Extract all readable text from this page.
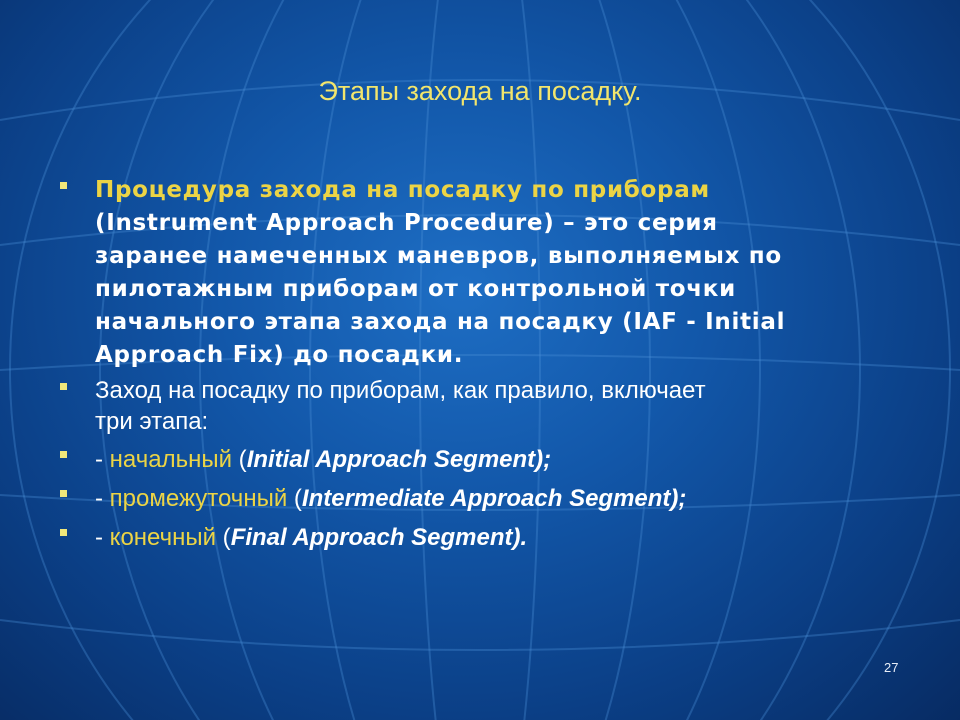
Этапы захода на посадку.
Процедура захода на посадку по приборам
(Instrument Approach Procedure) – это серия
заранее намеченных маневров, выполняемых по
пилотажным приборам от контрольной точки
начального этапа захода на посадку (IAF - Initial
Approach Fix) до посадки.
Заход на посадку по приборам, как правило, включает
три этапа:
- начальный (Initial Approach Segment);
- промежуточный (Intermediate Approach Segment);
- конечный (Final Approach Segment).
27
